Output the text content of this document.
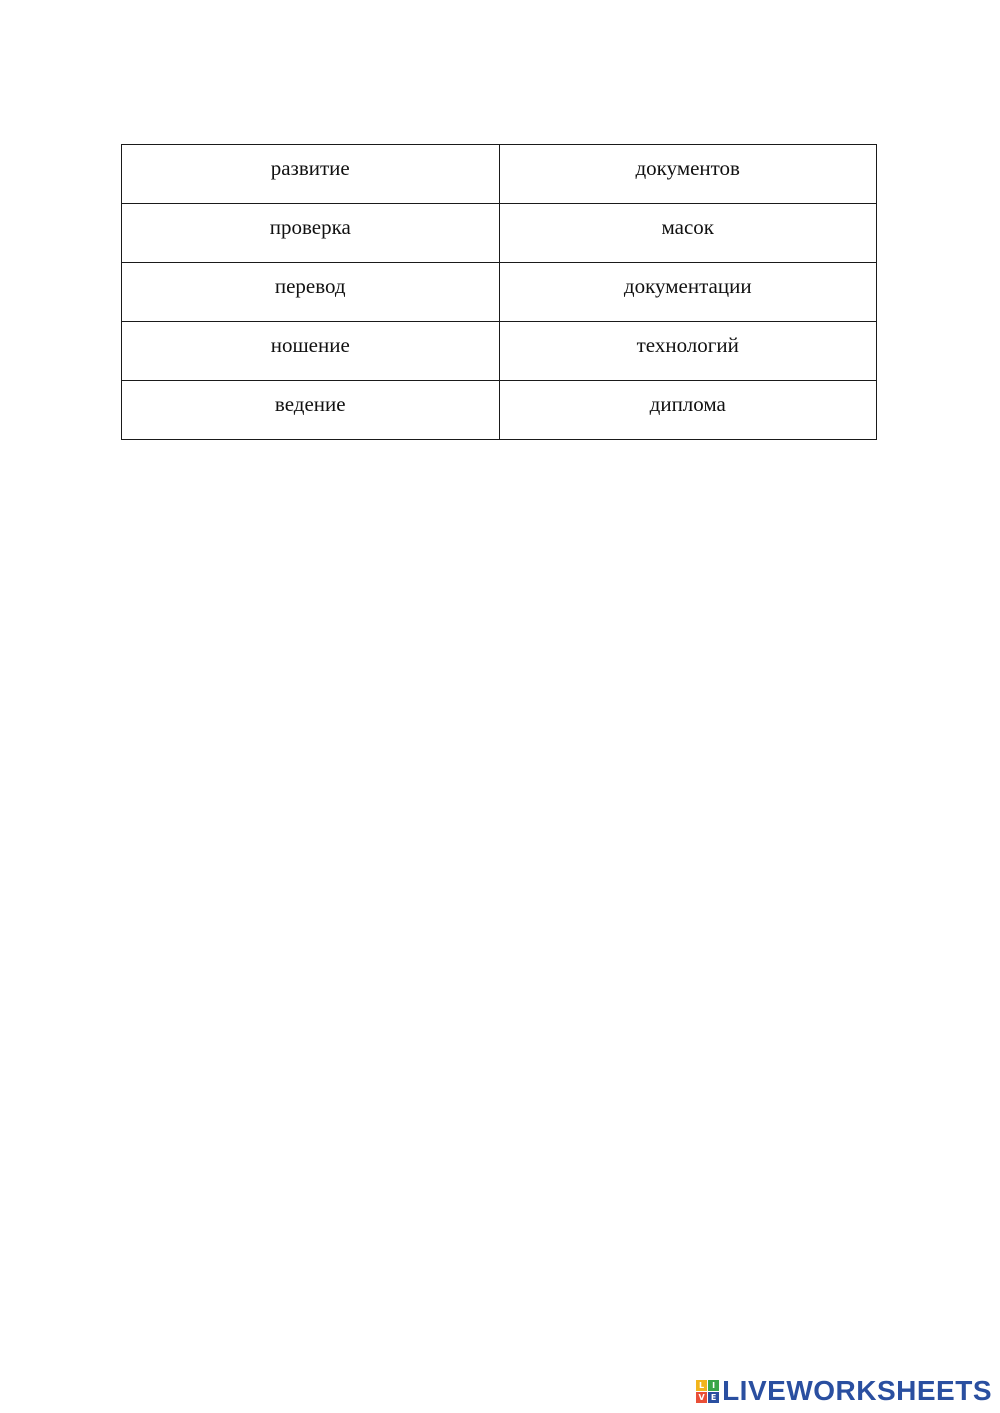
развитие	документов
проверка	масок
перевод	документации
ношение	технологий
ведение	диплома
L I
V E LIVEWORKSHEETS
